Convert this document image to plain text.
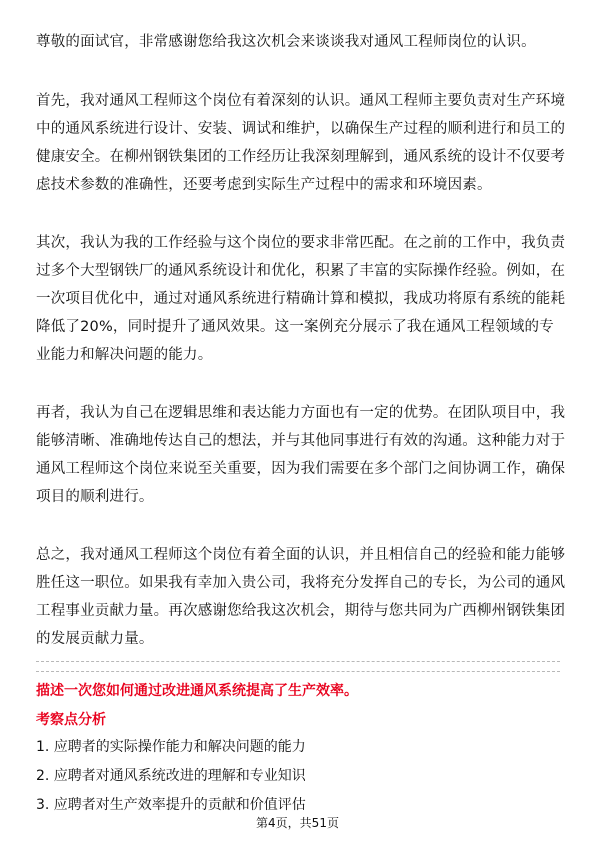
尊敬的面试官，非常感谢您给我这次机会来谈谈我对通风工程师岗位的认识。

首先，我对通风工程师这个岗位有着深刻的认识。通风工程师主要负责对生产环境中的通风系统进行设计、安装、调试和维护，以确保生产过程的顺利进行和员工的健康安全。在柳州钢铁集团的工作经历让我深刻理解到，通风系统的设计不仅要考虑技术参数的准确性，还要考虑到实际生产过程中的需求和环境因素。

其次，我认为我的工作经验与这个岗位的要求非常匹配。在之前的工作中，我负责过多个大型钢铁厂的通风系统设计和优化，积累了丰富的实际操作经验。例如，在一次项目优化中，通过对通风系统进行精确计算和模拟，我成功将原有系统的能耗降低了20%，同时提升了通风效果。这一案例充分展示了我在通风工程领域的专业能力和解决问题的能力。

再者，我认为自己在逻辑思维和表达能力方面也有一定的优势。在团队项目中，我能够清晰、准确地传达自己的想法，并与其他同事进行有效的沟通。这种能力对于通风工程师这个岗位来说至关重要，因为我们需要在多个部门之间协调工作，确保项目的顺利进行。

总之，我对通风工程师这个岗位有着全面的认识，并且相信自己的经验和能力能够胜任这一职位。如果我有幸加入贵公司，我将充分发挥自己的专长，为公司的通风工程事业贡献力量。再次感谢您给我这次机会，期待与您共同为广西柳州钢铁集团的发展贡献力量。

描述一次您如何通过改进通风系统提高了生产效率。

考察点分析

1. 应聘者的实际操作能力和解决问题的能力
2. 应聘者对通风系统改进的理解和专业知识
3. 应聘者对生产效率提升的贡献和价值评估
第4页，共51页
